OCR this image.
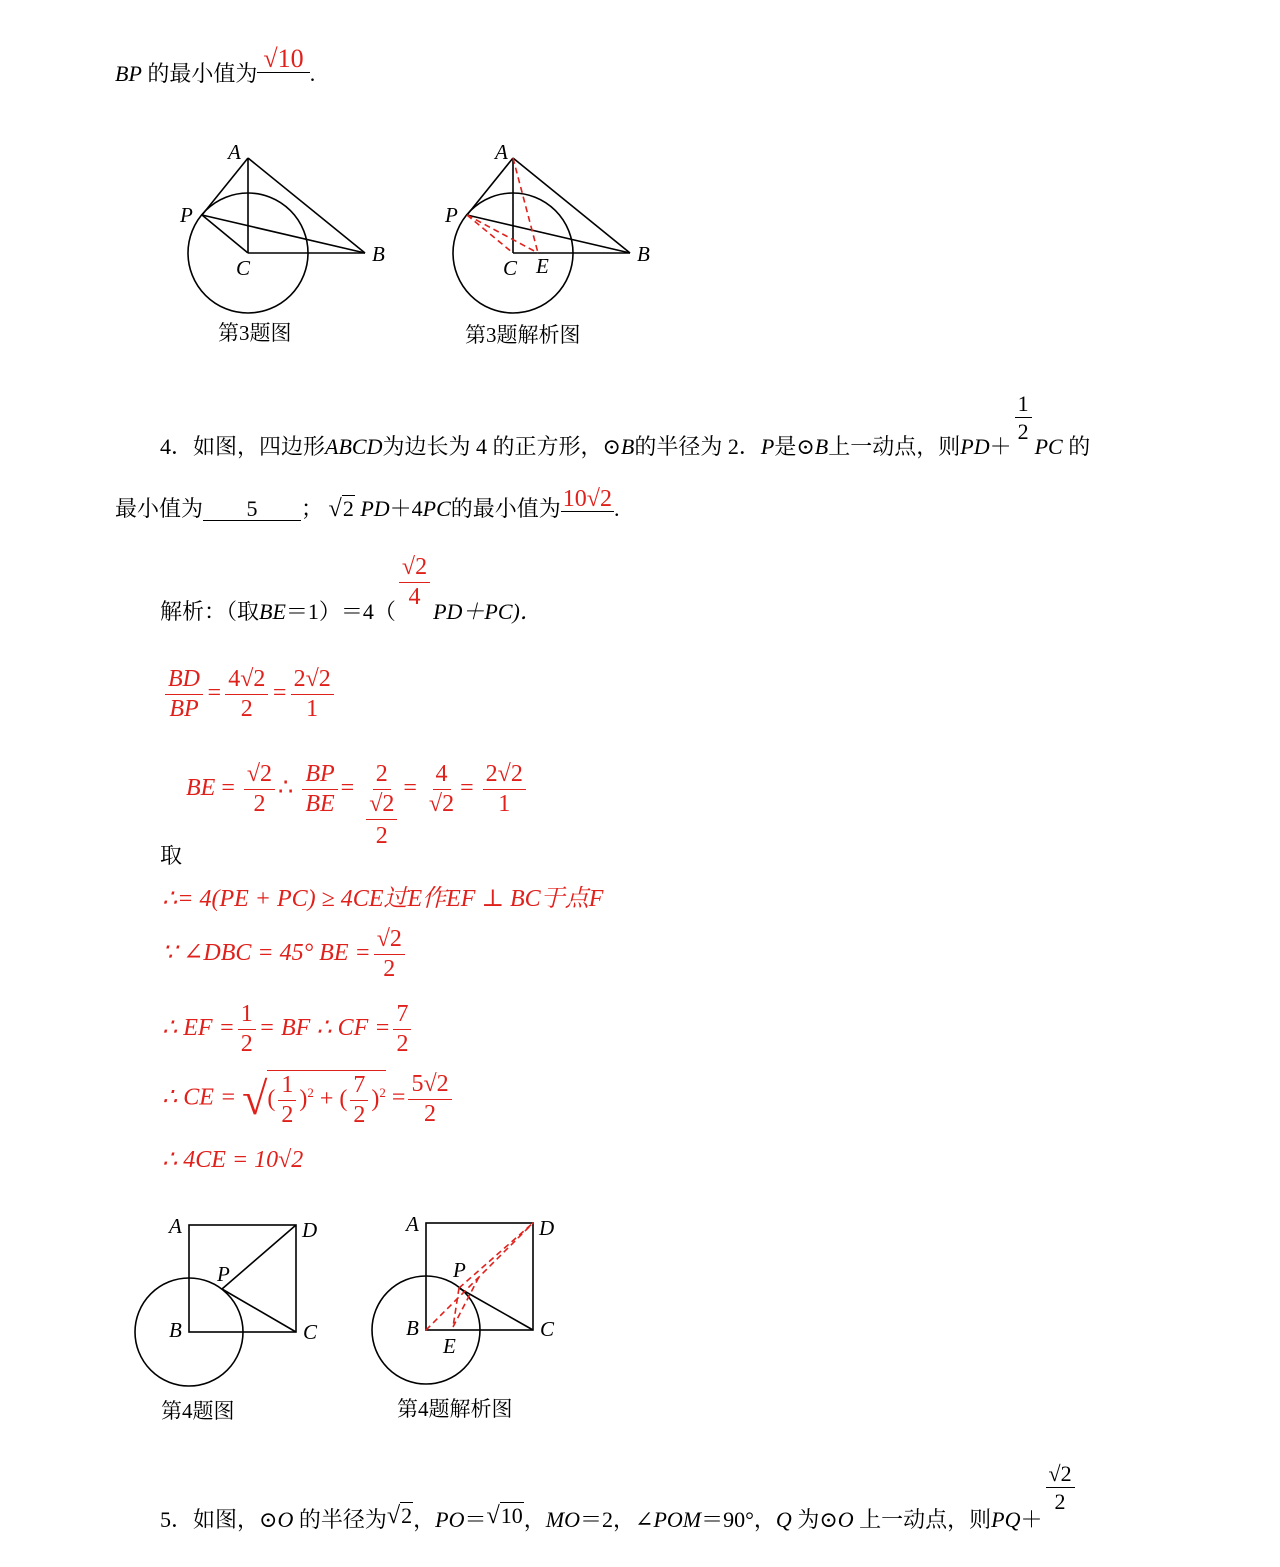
BP 的最小值为√10.
A
P
B
C
第3题图
A
P
B
C E
第3题解析图
4．如图，四边形ABCD为边长为 4 的正方形，⊙B的半径为 2．P是⊙B上一动点，则PD＋
$\frac{1}{2}$
PC 的
最小值为 5 ； √2 PD＋4PC的最小值为10√2.
解析：（取BE＝1）＝4（
$\frac{√2}{4}$
PD＋PC)．
$\frac{BD}{BP} = \frac{4√2}{2} = \frac{2√2}{1}$
BE = $\frac{√2}{2}$ ∴ $\frac{BP}{BE} = 2$
√2
$2 = \frac{4}{√2} = \frac{2√2}{1}$
取
∴= 4(PE + PC) ≥ 4CE过E作EF ⊥ BC于点F
∵ ∠DBC = 45° BE = $\frac{√2}{2}$
∴ EF = $\frac{1}{2}$ = BF ∴ CF = $\frac{7}{2}$
∴ CE = √( $\frac{1}{2} )^2$ + ( $\frac{7}{2} )^2 = \frac{5√2}{2}$
∴ 4CE = 10√2
A	D
P
B	C
第4题图
A	D
P
B	C
E
第4题解析图
5．如图，⊙O 的半径为√2，PO＝√10，MO＝2，∠POM＝90°，Q 为⊙O 上一动点，则PQ＋
$\frac{√2}{2}$
